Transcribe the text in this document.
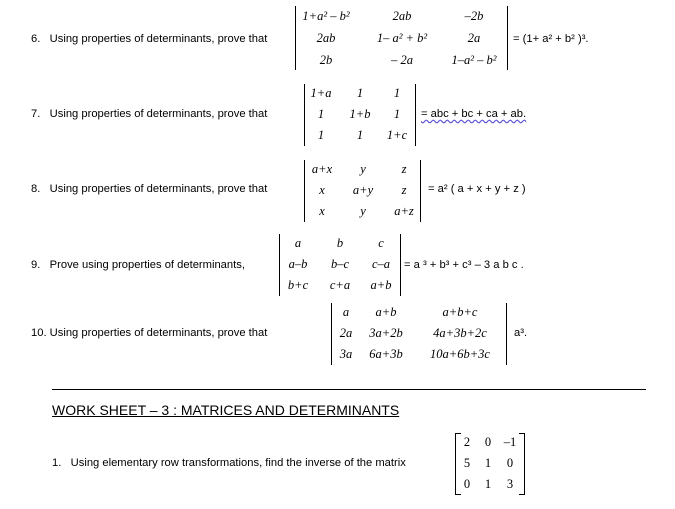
6. Using properties of determinants, prove that
1+a² – b²	2ab	–2b
2ab	1– a² + b²	2a
2b	– 2a	1–a² – b²
= (1+ a² + b² )³.
7. Using properties of determinants, prove that
1+a 1 1
1 1+b 1
1	1 1+c
= abc + bc + ca + ab.
8. Using properties of determinants, prove that
a+x y	z
x a+y z
x	y a+z
= a² ( a + x + y + z )
9. Prove using properties of determinants,
a	b	c
a–b b–c c–a
b+c c+a a+b
= a ³ + b³ + c³ – 3 a b c .
10. Using properties of determinants, prove that
a a+b	a+b+c
2a 3a+2b 4a+3b+2c
3a 6a+3b 10a+6b+3c
a³.
WORK SHEET – 3 : MATRICES AND DETERMINANTS
1. Using elementary row transformations, find the inverse of the matrix
2 0 –1
5 1 0
0 1 3
